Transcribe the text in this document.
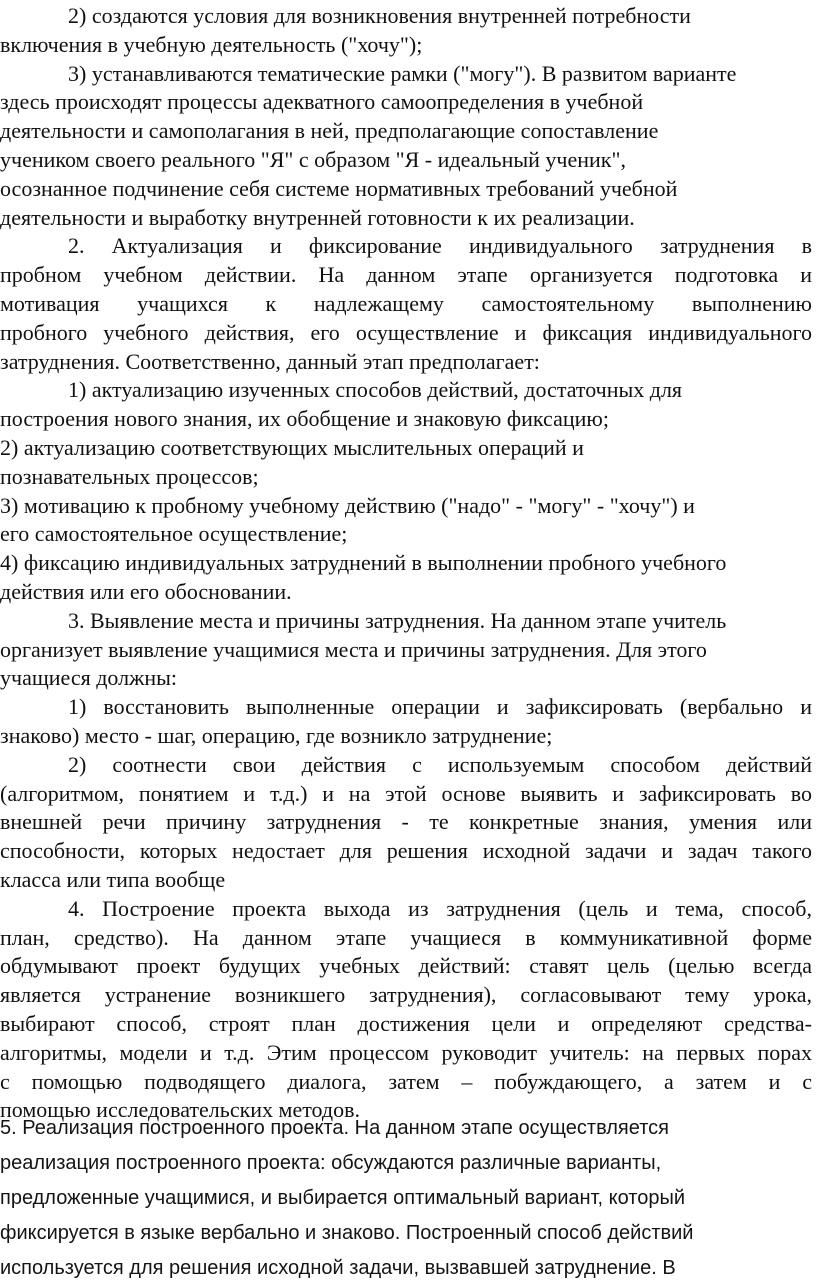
2) создаются условия для возникновения внутренней потребности
включения в учебную деятельность ("хочу");
3) устанавливаются тематические рамки ("могу"). В развитом варианте
здесь происходят процессы адекватного самоопределения в учебной
деятельности и самополагания в ней, предполагающие сопоставление
учеником своего реального "Я" с образом "Я - идеальный ученик",
осознанное подчинение себя системе нормативных требований учебной
деятельности и выработку внутренней готовности к их реализации.
2. Актуализация и фиксирование индивидуального затруднения в
пробном учебном действии. На данном этапе организуется подготовка и
мотивация учащихся к надлежащему самостоятельному выполнению
пробного учебного действия, его осуществление и фиксация индивидуального
затруднения. Соответственно, данный этап предполагает:
1) актуализацию изученных способов действий, достаточных для
построения нового знания, их обобщение и знаковую фиксацию;
2) актуализацию соответствующих мыслительных операций и
познавательных процессов;
3) мотивацию к пробному учебному действию ("надо" - "могу" - "хочу") и
его самостоятельное осуществление;
4) фиксацию индивидуальных затруднений в выполнении пробного учебного
действия или его обосновании.
3. Выявление места и причины затруднения. На данном этапе учитель
организует выявление учащимися места и причины затруднения. Для этого
учащиеся должны:
1) восстановить выполненные операции и зафиксировать (вербально и
знаково) место - шаг, операцию, где возникло затруднение;
2) соотнести свои действия с используемым способом действий
(алгоритмом, понятием и т.д.) и на этой основе выявить и зафиксировать во
внешней речи причину затруднения - те конкретные знания, умения или
способности, которых недостает для решения исходной задачи и задач такого
класса или типа вообще
4. Построение проекта выхода из затруднения (цель и тема, способ,
план, средство). На данном этапе учащиеся в коммуникативной форме
обдумывают проект будущих учебных действий: ставят цель (целью всегда
является устранение возникшего затруднения), согласовывают тему урока,
выбирают способ, строят план достижения цели и определяют средства-
алгоритмы, модели и т.д. Этим процессом руководит учитель: на первых порах
с помощью подводящего диалога, затем – побуждающего, а затем и с
помощью исследовательских методов.
5. Реализация построенного проекта. На данном этапе осуществляется
реализация построенного проекта: обсуждаются различные варианты,
предложенные учащимися, и выбирается оптимальный вариант, который
фиксируется в языке вербально и знаково. Построенный способ действий
используется для решения исходной задачи, вызвавшей затруднение. В
